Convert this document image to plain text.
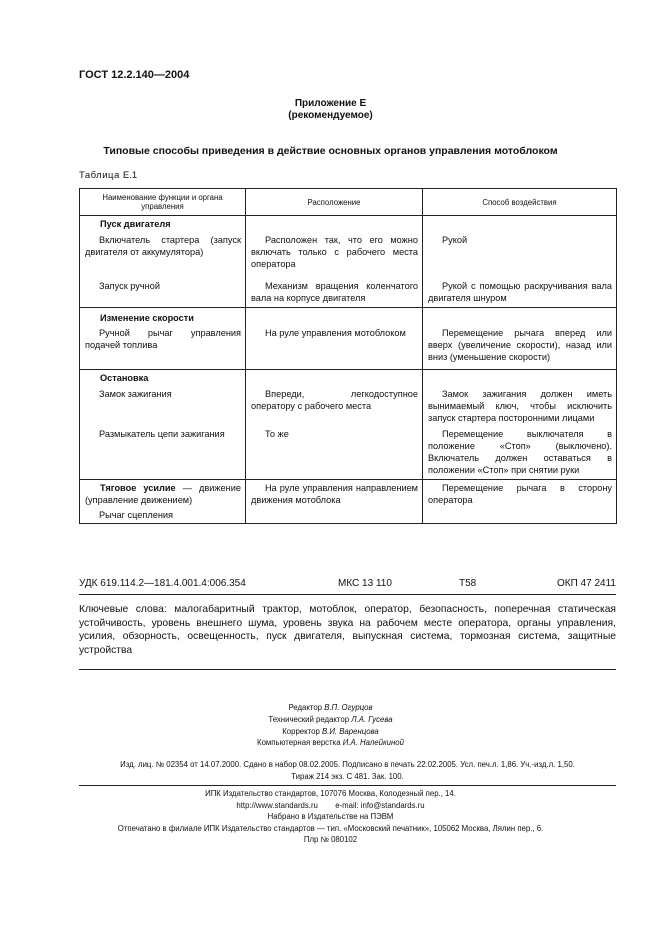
ГОСТ 12.2.140—2004
Приложение Е
(рекомендуемое)
Типовые способы приведения в действие основных органов управления мотоблоком
Таблица Е.1
Наименование функции и органа управления	Расположение	Способ воздействия
Пуск двигателя		
Включатель стартера (запуск двигателя от аккумулятора)	Расположен так, что его можно включать только с рабочего места оператора	Рукой
Запуск ручной	Механизм вращения коленчатого вала на корпусе двигателя	Рукой с помощью раскручивания вала двигателя шнуром
Изменение скорости		
Ручной рычаг управления подачей топлива	На руле управления мотоблоком	Перемещение рычага вперед или вверх (увеличение скорости), назад или вниз (уменьшение скорости)
Остановка		
Замок зажигания	Впереди, легкодоступное оператору с рабочего места	Замок зажигания должен иметь вынимаемый ключ, чтобы исключить запуск стартера посторонними лицами
Размыкатель цепи зажигания	То же	Перемещение выключателя в положение «Стоп» (выключено). Включатель должен оставаться в положении «Стоп» при снятии руки
Тяговое усилие — движение (управление движением)	На руле управления направлением движения мотоблока	Перемещение рычага в сторону оператора
Рычаг сцепления		
УДК 619.114.2—181.4.001.4:006.354	МКС 13 110	Т58	ОКП 47 2411
Ключевые слова: малогабаритный трактор, мотоблок, оператор, безопасность, поперечная статическая устойчивость, уровень внешнего шума, уровень звука на рабочем месте оператора, органы управления, усилия, обзорность, освещенность, пуск двигателя, выпускная система, тормозная система, защитные устройства
Редактор В.П. Огурцов
Технический редактор Л.А. Гусева
Корректор В.И. Варенцова
Компьютерная верстка И.А. Налейкиной
Изд. лиц. № 02354 от 14.07.2000. Сдано в набор 08.02.2005. Подписано в печать 22.02.2005. Усл. печ.л. 1,86. Уч.-изд.л. 1,50.
Тираж 214 экз. С 481. Зак. 100.
ИПК Издательство стандартов, 107076 Москва, Колодезный пер., 14.
http://www.standards.ru        e-mail: info@standards.ru
Набрано в Издательстве на ПЭВМ
Отпечатано в филиале ИПК Издательство стандартов — тип. «Московский печатник», 105062 Москва, Лялин пер., 6.
Плр № 080102
